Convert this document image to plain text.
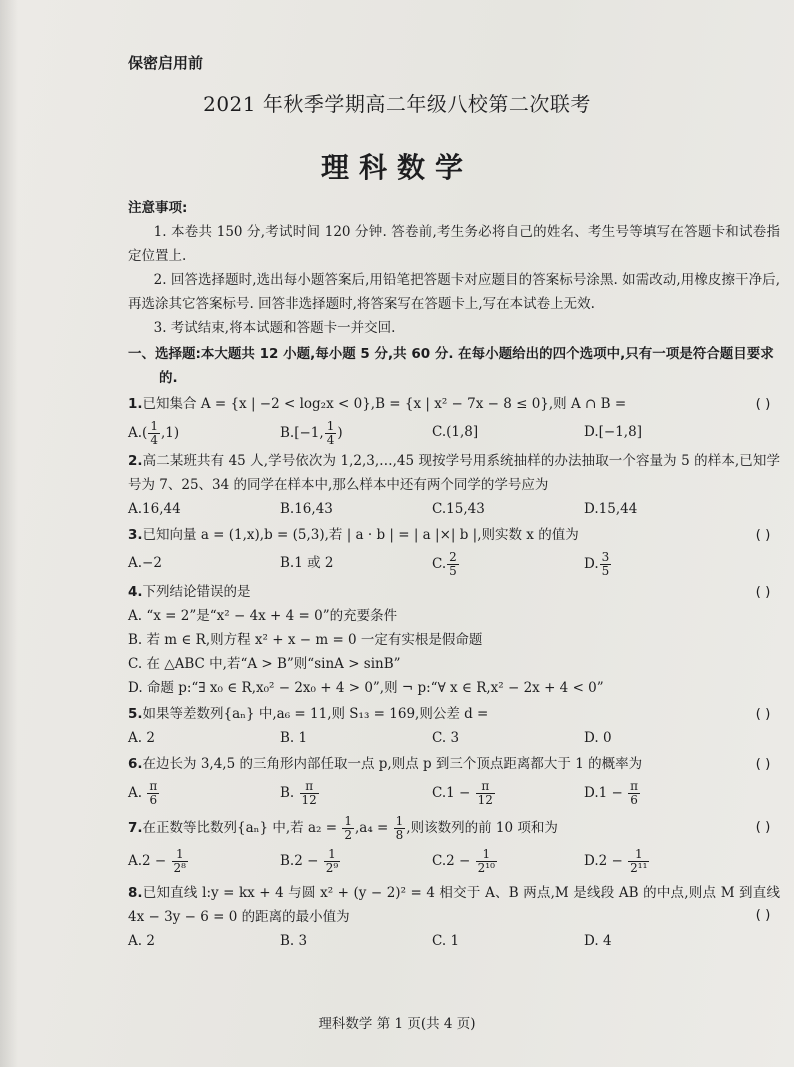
保密启用前
2021 年秋季学期高二年级八校第二次联考
理科数学
注意事项:
1. 本卷共 150 分,考试时间 120 分钟. 答卷前,考生务必将自己的姓名、考生号等填写在答题卡和试卷指定位置上.
2. 回答选择题时,选出每小题答案后,用铅笔把答题卡对应题目的答案标号涂黑. 如需改动,用橡皮擦干净后,再选涂其它答案标号. 回答非选择题时,将答案写在答题卡上,写在本试卷上无效.
3. 考试结束,将本试题和答题卡一并交回.
一、选择题:本大题共 12 小题,每小题 5 分,共 60 分. 在每小题给出的四个选项中,只有一项是符合题目要求的.
1.已知集合 A = {x | −2 < log₂x < 0},B = {x | x² − 7x − 8 ≤ 0},则 A ∩ B =	( )
$A.( \frac{1}{4} ,1)$	B.[−1, $\frac{1}{4}$ )	C.(1,8]	D.[−1,8]
2.高二某班共有 45 人,学号依次为 1,2,3,…,45 现按学号用系统抽样的办法抽取一个容量为 5 的样本,已知学号为 7、25、34 的同学在样本中,那么样本中还有两个同学的学号应为
A.16,44	B.16,43	C.15,43	D.15,44
3.已知向量 a = (1,x),b = (5,3),若 | a · b | = | a |×| b |,则实数 x 的值为	( )
A.−2	B.1 或 2	C. $\frac{2}{5}$	D. $\frac{3}{5}$
4.下列结论错误的是	( )
A. “x = 2”是“x² − 4x + 4 = 0”的充要条件
B. 若 m ∈ R,则方程 x² + x − m = 0 一定有实根是假命题
C. 在 △ABC 中,若“A > B”则“sinA > sinB”
D. 命题 p:“∃ x₀ ∈ R,x₀² − 2x₀ + 4 > 0”,则 ¬ p:“∀ x ∈ R,x² − 2x + 4 < 0”
5.如果等差数列{aₙ} 中,a₆ = 11,则 S₁₃ = 169,则公差 d =	( )
A. 2	B. 1	C. 3	D. 0
6.在边长为 3,4,5 的三角形内部任取一点 p,则点 p 到三个顶点距离都大于 1 的概率为	( )
A. $\frac{\pi}{6}$	B. $\frac{\pi}{12}$	$C.1 - \frac{\pi}{12}$	$D.1 - \frac{\pi}{6}$
7.在正数等比数列{aₙ} 中,若 $a_2 = \frac{1}{2} ,a_4 = \frac{1}{8}$ ,则该数列的前 10 项和为	( )
$A.2 - \frac{1}{\text{2⁸}}$	$B.2 - \frac{1}{\text{2⁹}}$	$C.2 - \frac{1}{\text{2¹⁰}}$	$D.2 - \frac{1}{\text{2¹¹}}$
8.已知直线 l:y = kx + 4 与圆 x² + (y − 2)² = 4 相交于 A、B 两点,M 是线段 AB 的中点,则点 M 到直线 4x − 3y − 6 = 0 的距离的最小值为	( )
A. 2	B. 3	C. 1	D. 4
理科数学 第 1 页(共 4 页)
